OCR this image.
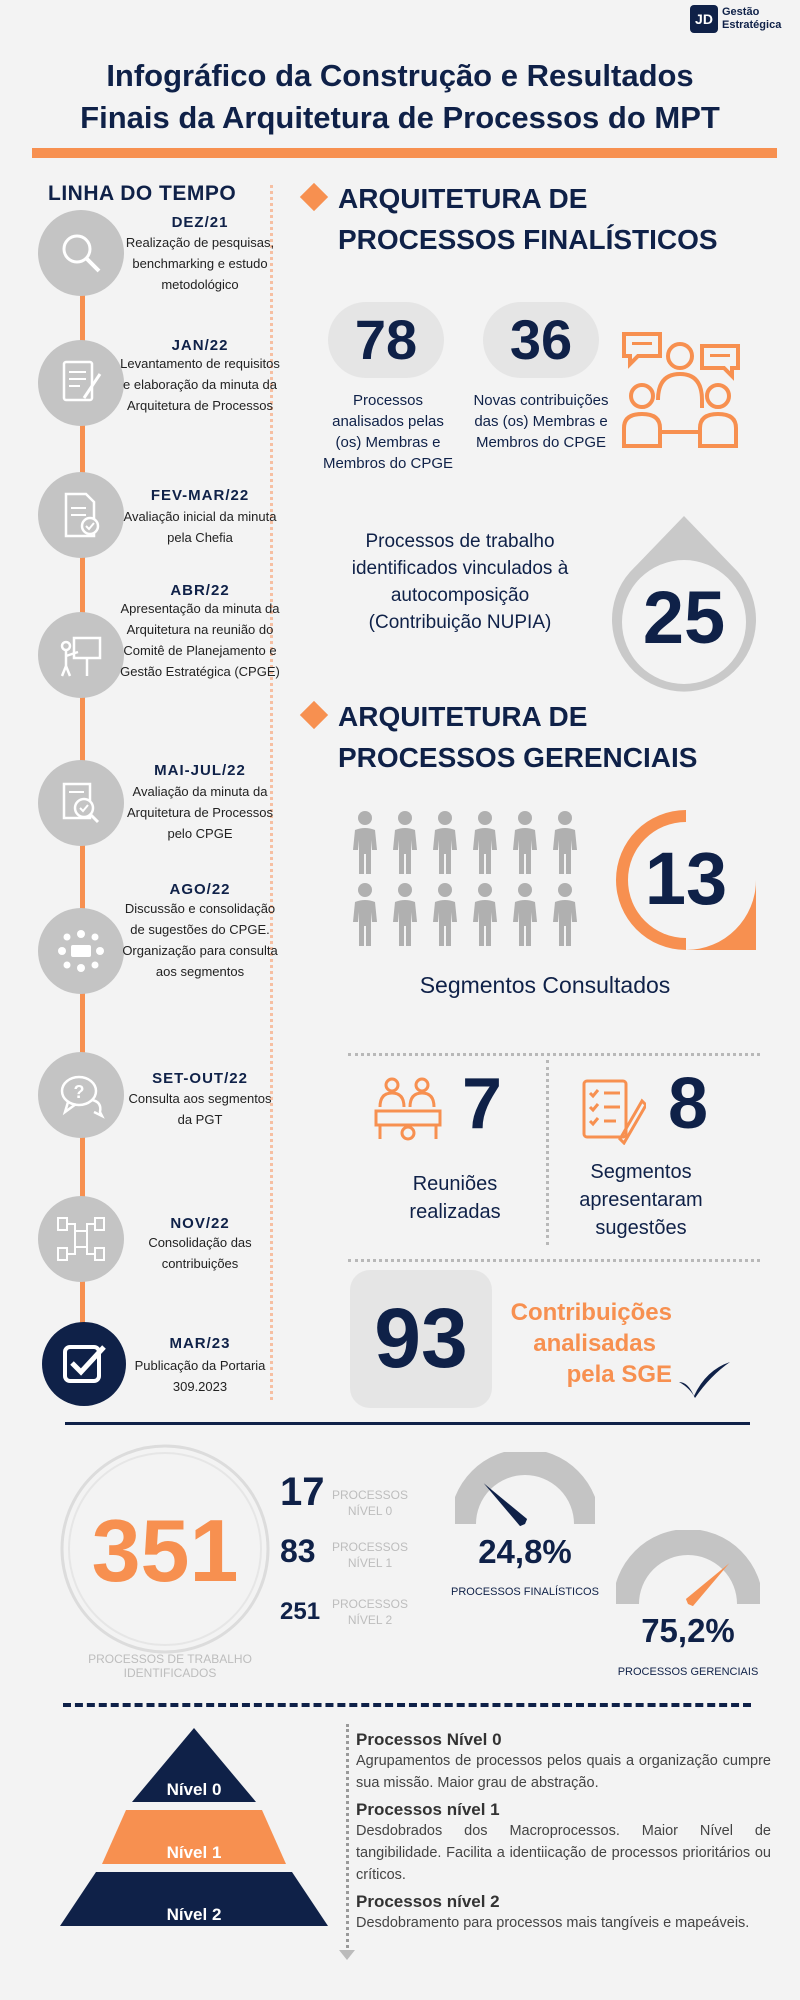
JD Gestão
Estratégica
Infográfico da Construção e Resultados
Finais da Arquitetura de Processos do MPT
LINHA DO TEMPO
DEZ/21
Realização de pesquisas, benchmarking e estudo metodológico
JAN/22
Levantamento de requisitos e elaboração da minuta da Arquitetura de Processos
FEV-MAR/22
Avaliação inicial da minuta pela Chefia
ABR/22
Apresentação da minuta da Arquitetura na reunião do Comitê de Planejamento e Gestão Estratégica (CPGE)
MAI-JUL/22
Avaliação da minuta da Arquitetura de Processos pelo CPGE
AGO/22
Discussão e consolidação de sugestões do CPGE. Organização para consulta aos segmentos
?
SET-OUT/22
Consulta aos segmentos da PGT
NOV/22
Consolidação das contribuições
MAR/23
Publicação da Portaria 309.2023
ARQUITETURA DE
PROCESSOS FINALÍSTICOS
78
Processos analisados pelas (os) Membras e Membros do CPGE
36
Novas contribuições das (os) Membras e Membros do CPGE
Processos de trabalho identificados vinculados à autocomposição (Contribuição NUPIA) 25
ARQUITETURA DE
PROCESSOS GERENCIAIS
13
Segmentos Consultados
7
Reuniões realizadas
8
Segmentos apresentaram sugestões
93	Contribuições
analisadas
pela SGE
351
PROCESSOS DE TRABALHO IDENTIFICADOS
17 PROCESSOS
NÍVEL 0
83 PROCESSOS
NÍVEL 1
251 PROCESSOS
NÍVEL 2
24,8%
PROCESSOS FINALÍSTICOS
75,2%
PROCESSOS GERENCIAIS
Nível 0
Nível 1
Nível 2
Processos Nível 0
Agrupamentos de processos pelos quais a organização cumpre sua missão. Maior grau de abstração.
Processos nível 1
Desdobrados dos Macroprocessos. Maior Nível de tangibilidade. Facilita a identiicação de processos prioritários ou críticos.
Processos nível 2
Desdobramento para processos mais tangíveis e mapeáveis.
